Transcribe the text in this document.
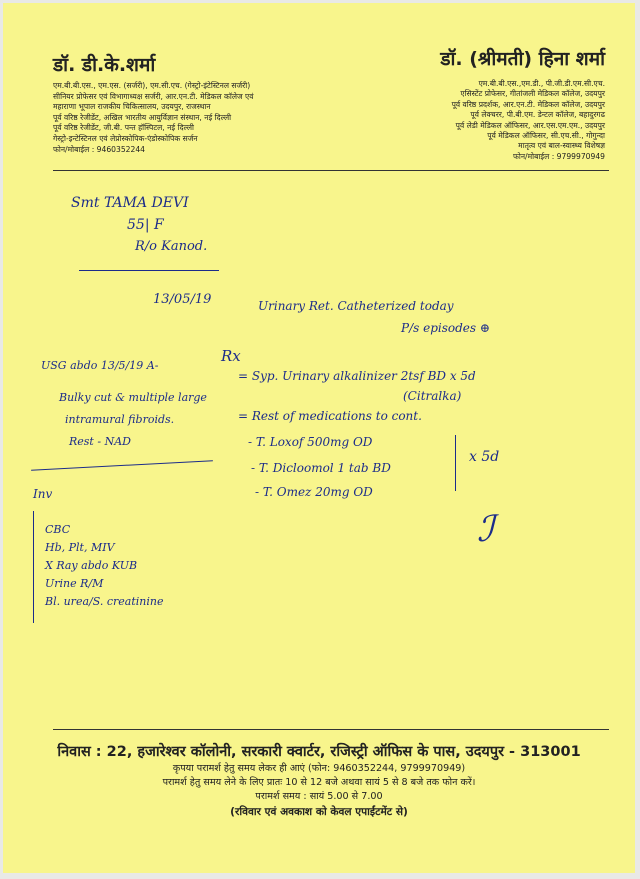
डॉ. डी.के.शर्मा
एम.बी.बी.एस., एम.एस. (सर्जरी), एम.सी.एच. (गेस्ट्रो-इंटेस्टिनल सर्जरी)
सीनियर प्रोफेसर एवं विभागाध्यक्ष सर्जरी, आर.एन.टी. मेडिकल कॉलेज एवं
महाराणा भूपाल राजकीय चिकित्सालय, उदयपुर, राजस्थान
पूर्व वरिष्ठ रेजीडेंट, अखिल भारतीय आयुर्विज्ञान संस्थान, नई दिल्ली
पूर्व वरिष्ठ रेजीडेंट, जी.बी. पन्त हॉस्पिटल, नई दिल्ली
गेस्ट्रो-इन्टेस्टिनल एवं लेप्रोस्कोपिक-एंडोस्कोपिक सर्जन
फोन/मोबाईल : 9460352244
डॉ. (श्रीमती) हिना शर्मा
एम.बी.बी.एस.,एम.डी., पी.जी.डी.एम.सी.एच.
एसिस्टेंट प्रोफेसर, गीतांजली मेडिकल कॉलेज, उदयपुर
पूर्व वरिष्ठ प्रदर्शक, आर.एन.टी. मेडिकल कॉलेज, उदयपुर
पूर्व लेक्चरर, पी.बी.एम. डेन्टल कॉलेज, बहादुरगढ
पूर्व लेडी मेडिकल ऑफिसर, आर.एस.एम.एम., उदयपुर
पूर्व मेडिकल ऑफिसर, सी.एच.सी., गोगुन्दा
मातृत्व एवं बाल-स्वास्थ्य विशेषज्ञ
फोन/मोबाईल : 9799970949
Smt TAMA DEVI
55| F
R/o Kanod.
13/05/19	Urinary Ret. Catheterized today
P/s episodes ⊕
USG abdo 13/5/19 A-
Bulky cut & multiple large
intramural fibroids.
Rest - NAD
Rx
= Syp. Urinary alkalinizer 2tsf BD x 5d
(Citralka)
= Rest of medications to cont.
- T. Loxof 500mg OD
- T. Dicloomol 1 tab BD
- T. Omez 20mg OD
x 5d
Inv
CBC
Hb, Plt, MIV
X Ray abdo KUB
Urine R/M
Bl. urea/S. creatinine
ℐ
निवास : 22, हजारेश्वर कॉलोनी, सरकारी क्वार्टर, रजिस्ट्री ऑफिस के पास, उदयपुर - 313001
कृपया परामर्श हेतु समय लेकर ही आएं (फोन: 9460352244, 9799970949)
परामर्श हेतु समय लेने के लिए प्रातः 10 से 12 बजे अथवा सायं 5 से 8 बजे तक फोन करें।
परामर्श समय : सायं 5.00 से 7.00
(रविवार एवं अवकाश को केवल एपाईंटमेंट से)
